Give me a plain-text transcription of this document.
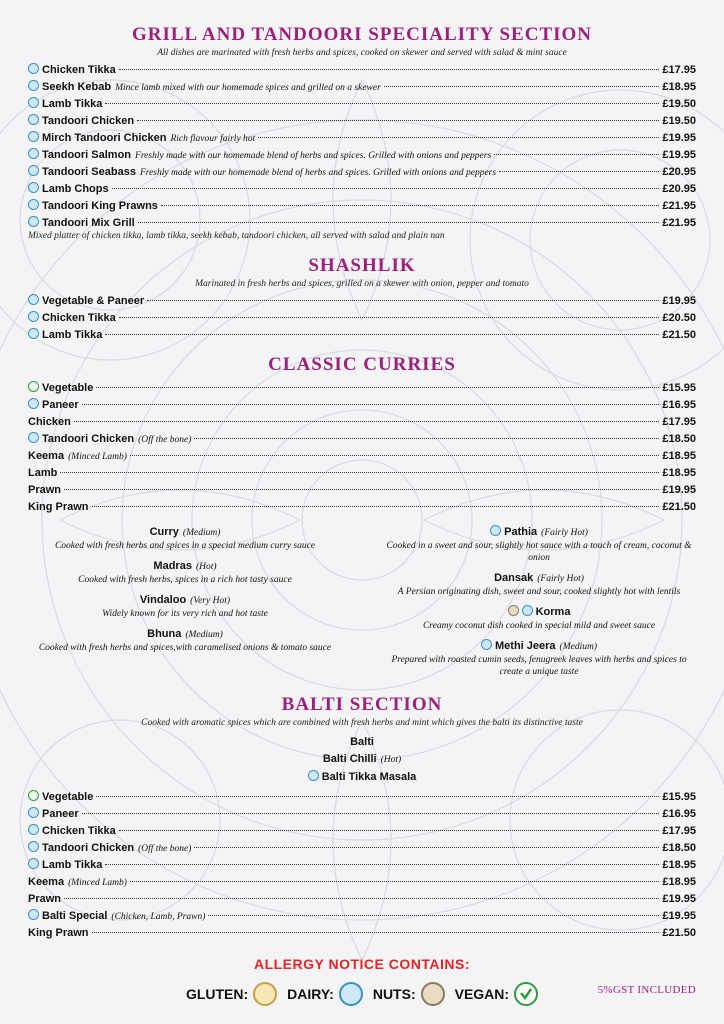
GRILL AND TANDOORI SPECIALITY SECTION
All dishes are marinated with fresh herbs and spices, cooked on skewer and served with salad & mint sauce
Chicken Tikka	£17.95
Seekh Kebab Mince lamb mixed with our homemade spices and grilled on a skewer	£18.95
Lamb Tikka	£19.50
Tandoori Chicken	£19.50
Mirch Tandoori Chicken Rich flavour fairly hot	£19.95
Tandoori Salmon Freshly made with our homemade blend of herbs and spices. Grilled with onions and peppers	£19.95
Tandoori Seabass Freshly made with our homemade blend of herbs and spices. Grilled with onions and peppers	£20.95
Lamb Chops	£20.95
Tandoori King Prawns	£21.95
Tandoori Mix Grill	£21.95
Mixed platter of chicken tikka, lamb tikka, seekh kebab, tandoori chicken, all served with salad and plain nan
SHASHLIK
Marinated in fresh herbs and spices, grilled on a skewer with onion, pepper and tomato
Vegetable & Paneer	£19.95
Chicken Tikka	£20.50
Lamb Tikka	£21.50
CLASSIC CURRIES
Vegetable	£15.95
Paneer	£16.95
Chicken	£17.95
Tandoori Chicken (Off the bone)	£18.50
Keema (Minced Lamb)	£18.95
Lamb	£18.95
Prawn	£19.95
King Prawn	£21.50
Curry (Medium)
Cooked with fresh herbs and spices in a special medium curry sauce
Madras (Hot)
Cooked with fresh herbs, spices in a rich hot tasty sauce
Vindaloo (Very Hot)
Widely known for its very rich and hot taste
Bhuna (Medium)
Cooked with fresh herbs and spices,with caramelised onions & tomato sauce
Pathia (Fairly Hot)
Cooked in a sweet and sour, slightly hot sauce with a touch of cream, coconut & onion
Dansak (Fairly Hot)
A Persian originating dish, sweet and sour, cooked slightly hot with lentils
Korma
Creamy coconut dish cooked in special mild and sweet sauce
Methi Jeera (Medium)
Prepared with roasted cumin seeds, fenugreek leaves with herbs and spices to create a unique taste
BALTI SECTION
Cooked with aromatic spices which are combined with fresh herbs and mint which gives the balti its distinctive taste
Balti
Balti Chilli (Hot)
Balti Tikka Masala
Vegetable	£15.95
Paneer	£16.95
Chicken Tikka	£17.95
Tandoori Chicken (Off the bone)	£18.50
Lamb Tikka	£18.95
Keema (Minced Lamb)	£18.95
Prawn	£19.95
Balti Special (Chicken, Lamb, Prawn)	£19.95
King Prawn	£21.50
ALLERGY NOTICE CONTAINS:
GLUTEN:	DAIRY:	NUTS:	VEGAN:	5%GST INCLUDED
